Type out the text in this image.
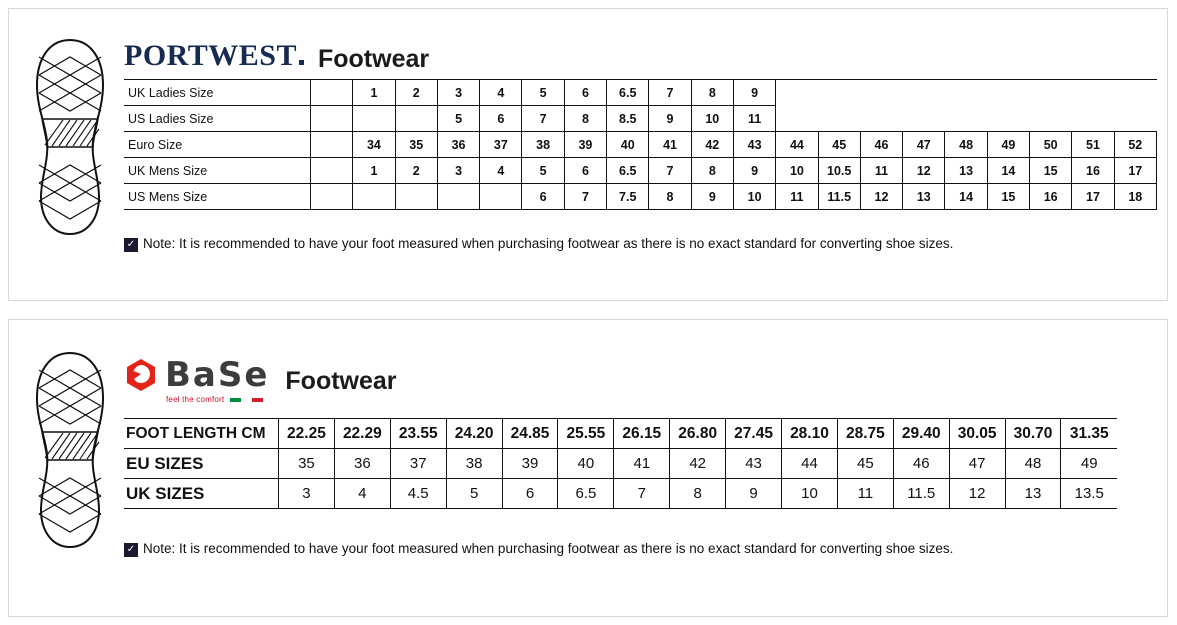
PORTWEST Footwear
UK Ladies Size		1	2	3	4	5	6	6.5	7	8	9									
US Ladies Size				5	6	7	8	8.5	9	10	11									
Euro Size		34	35	36	37	38	39	40	41	42	43	44	45	46	47	48	49	50	51	52
UK Mens Size		1	2	3	4	5	6	6.5	7	8	9	10	10.5	11	12	13	14	15	16	17
US Mens Size						6	7	7.5	8	9	10	11	11.5	12	13	14	15	16	17	18
✓ Note: It is recommended to have your foot measured when purchasing footwear as there is no exact standard for converting shoe sizes.
BaSe
feel the comfort
Footwear
FOOT LENGTH CM	22.25	22.29	23.55	24.20	24.85	25.55	26.15	26.80	27.45	28.10	28.75	29.40	30.05	30.70	31.35
EU SIZES	35	36	37	38	39	40	41	42	43	44	45	46	47	48	49
UK SIZES	3	4	4.5	5	6	6.5	7	8	9	10	11	11.5	12	13	13.5
✓ Note: It is recommended to have your foot measured when purchasing footwear as there is no exact standard for converting shoe sizes.
